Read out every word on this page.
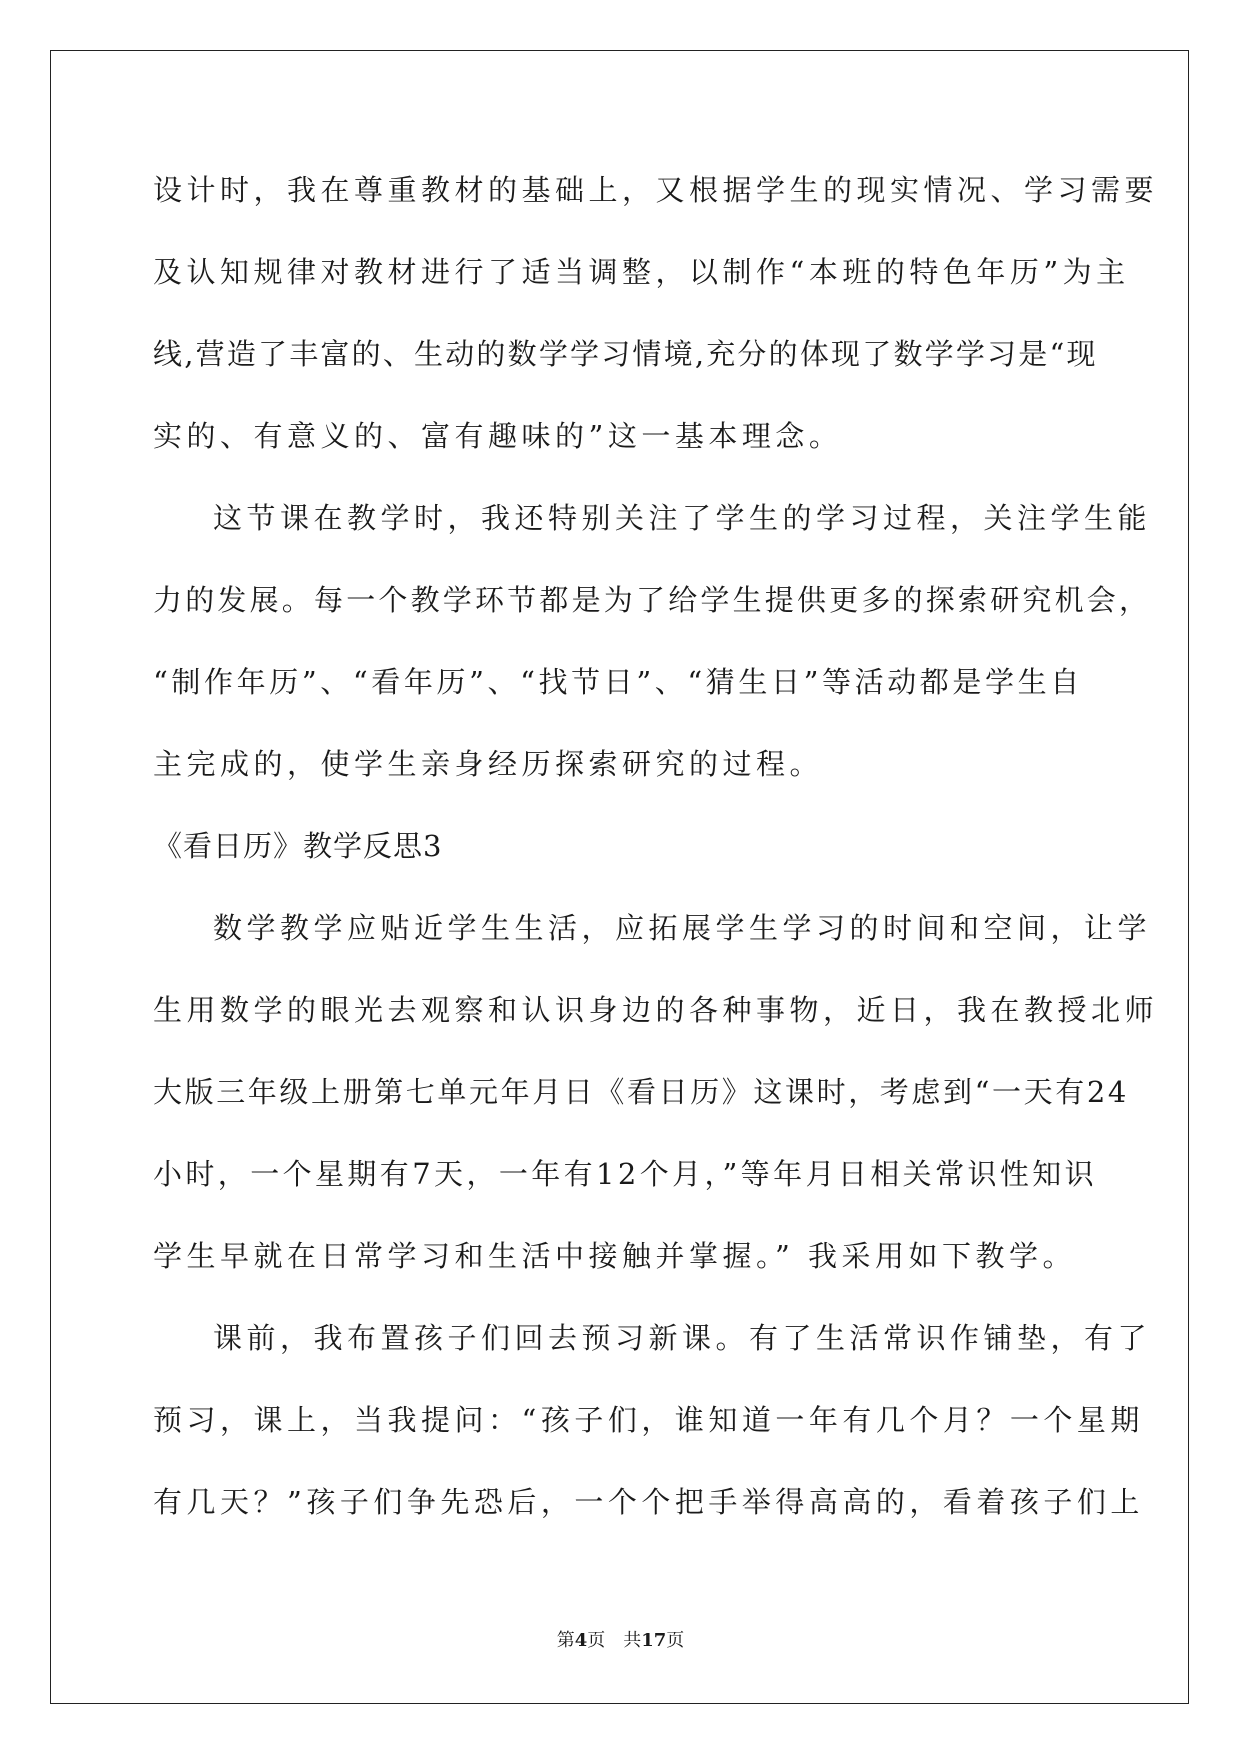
设计时，我在尊重教材的基础上，又根据学生的现实情况、学习需要
及认知规律对教材进行了适当调整，以制作“本班的特色年历”为主
线,营造了丰富的、生动的数学学习情境,充分的体现了数学学习是“现
实的、有意义的、富有趣味的”这一基本理念。
这节课在教学时，我还特别关注了学生的学习过程，关注学生能
力的发展。每一个教学环节都是为了给学生提供更多的探索研究机会，
“制作年历”、“看年历”、“找节日”、“猜生日”等活动都是学生自
主完成的，使学生亲身经历探索研究的过程。
《看日历》教学反思3
数学教学应贴近学生生活，应拓展学生学习的时间和空间，让学
生用数学的眼光去观察和认识身边的各种事物，近日，我在教授北师
大版三年级上册第七单元年月日《看日历》这课时，考虑到“一天有24
小时，一个星期有7天，一年有12个月，”等年月日相关常识性知识
学生早就在日常学习和生活中接触并掌握。” 我采用如下教学。
课前，我布置孩子们回去预习新课。有了生活常识作铺垫，有了
预习，课上，当我提问：“孩子们，谁知道一年有几个月？一个星期
有几天？”孩子们争先恐后，一个个把手举得高高的，看着孩子们上
第4页 共17页
